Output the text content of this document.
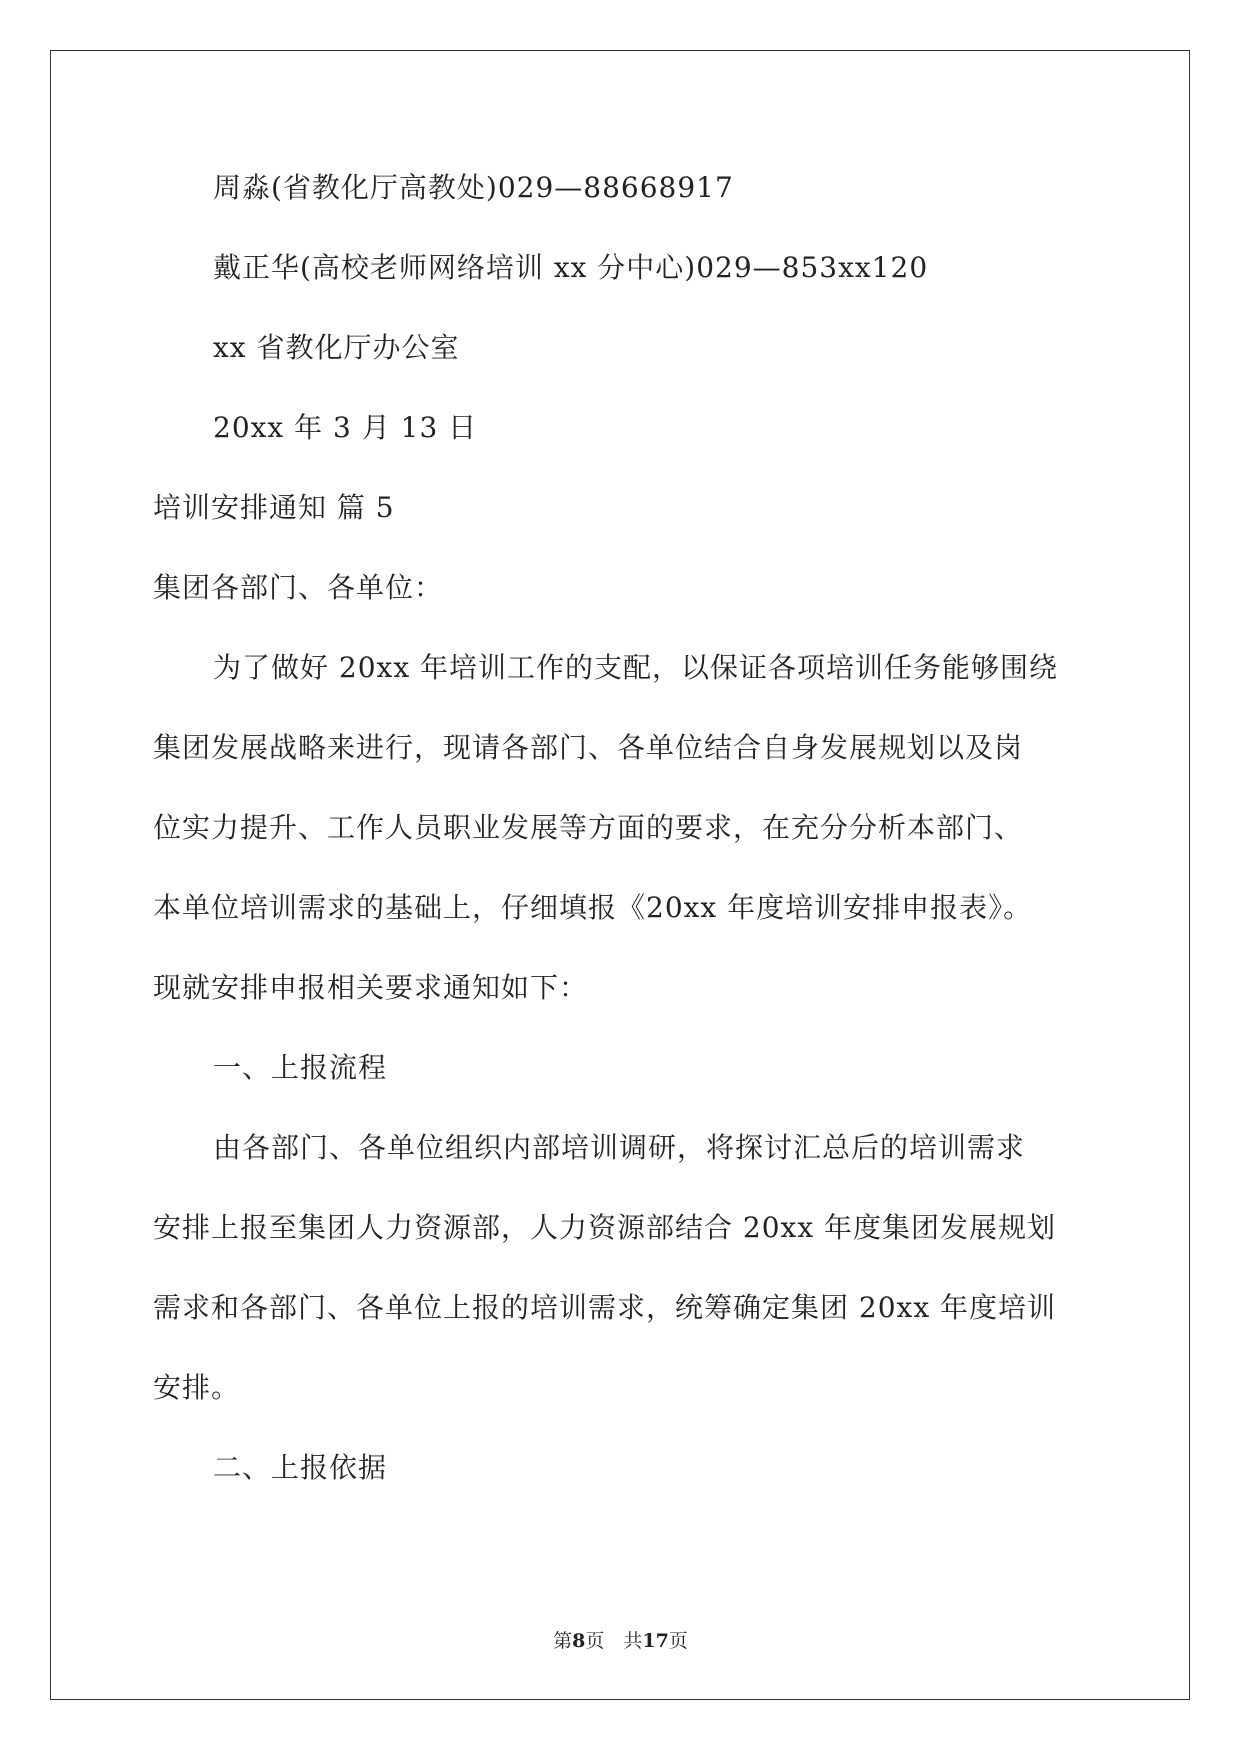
周淼(省教化厅高教处)029—88668917
戴正华(高校老师网络培训 xx 分中心)029—853xx120
xx 省教化厅办公室
20xx 年 3 月 13 日
培训安排通知 篇 5
集团各部门、各单位：
为了做好 20xx 年培训工作的支配，以保证各项培训任务能够围绕
集团发展战略来进行，现请各部门、各单位结合自身发展规划以及岗
位实力提升、工作人员职业发展等方面的要求，在充分分析本部门、
本单位培训需求的基础上，仔细填报《20xx 年度培训安排申报表》。
现就安排申报相关要求通知如下：
一、上报流程
由各部门、各单位组织内部培训调研，将探讨汇总后的培训需求
安排上报至集团人力资源部，人力资源部结合 20xx 年度集团发展规划
需求和各部门、各单位上报的培训需求，统筹确定集团 20xx 年度培训
安排。
二、上报依据
第8页　共17页
